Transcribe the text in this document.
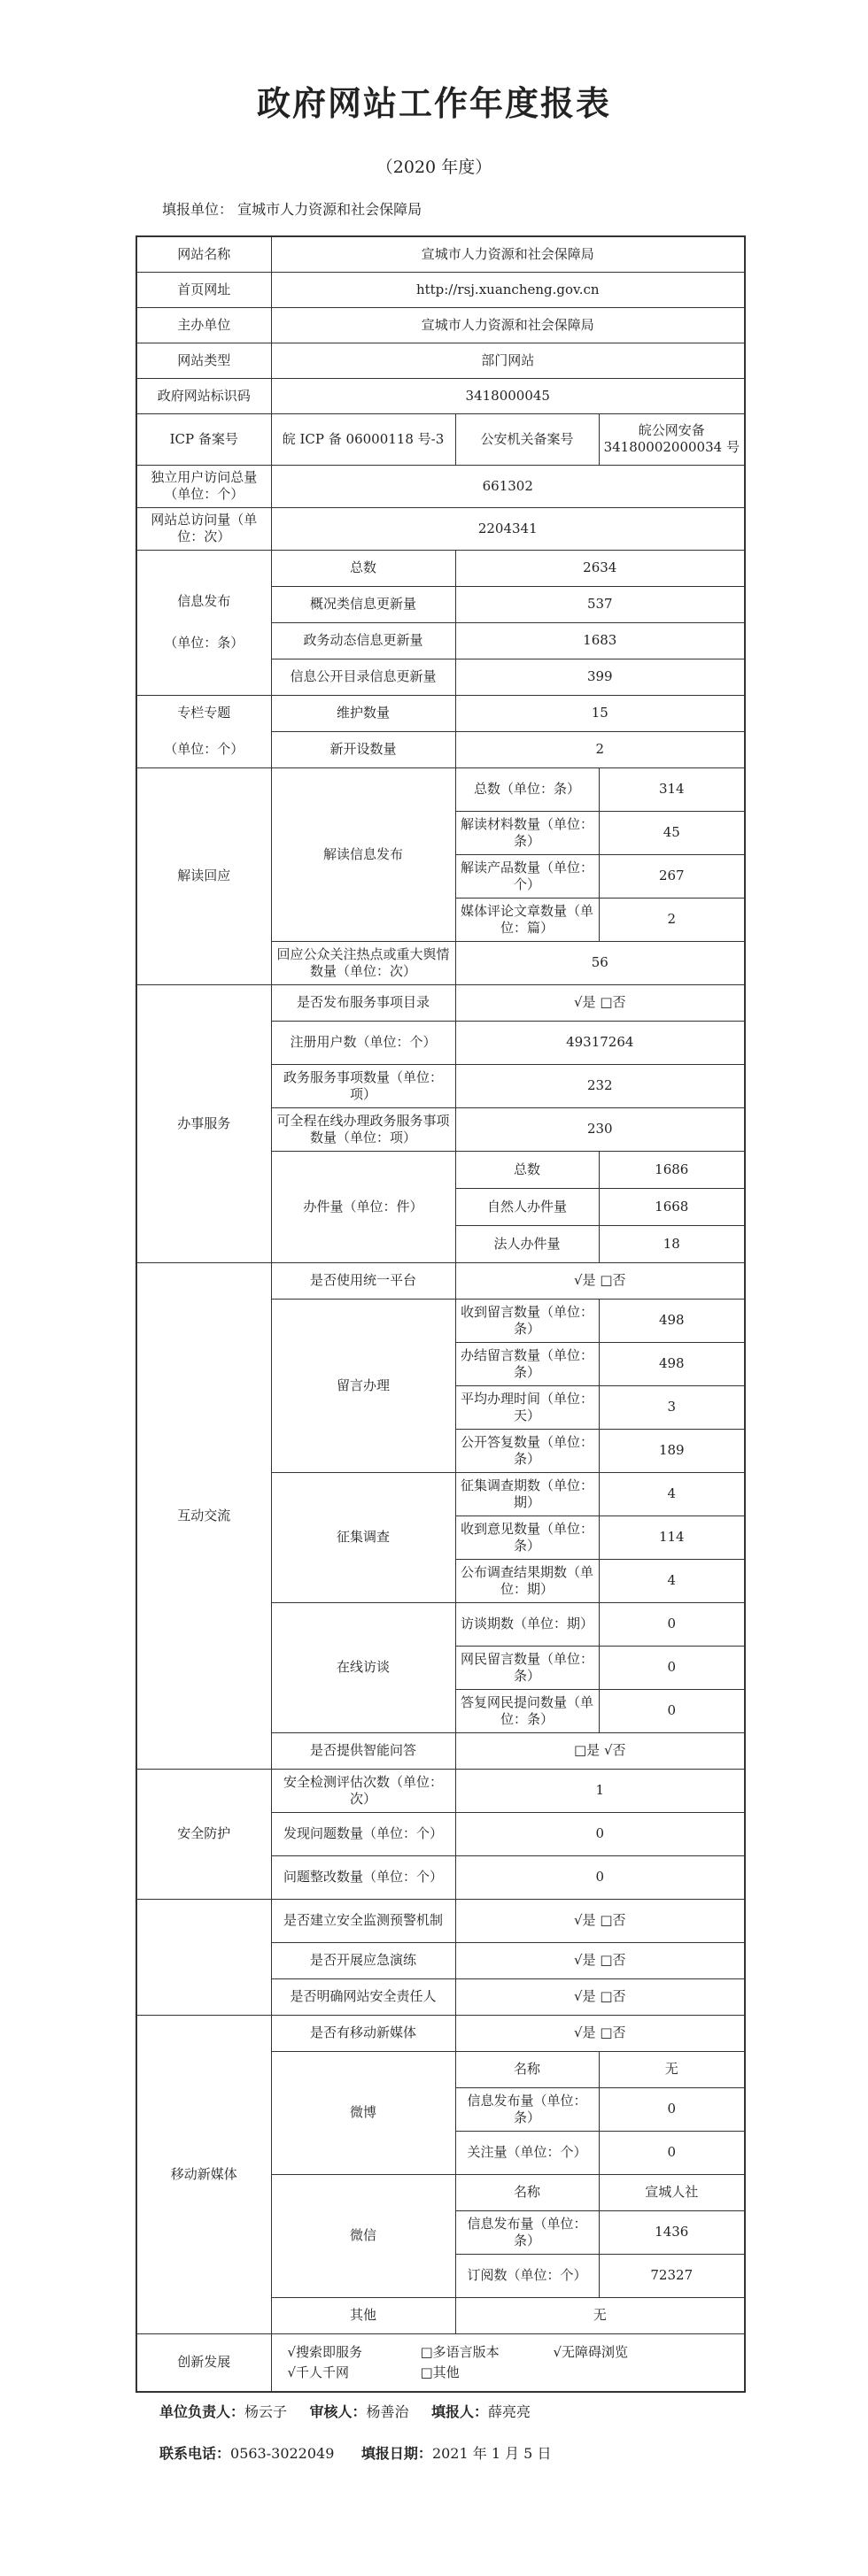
政府网站工作年度报表
（2020 年度）
填报单位： 宣城市人力资源和社会保障局
网站名称	宣城市人力资源和社会保障局		
首页网址	http://rsj.xuancheng.gov.cn		
主办单位	宣城市人力资源和社会保障局		
网站类型	部门网站		
政府网站标识码	3418000045		
ICP 备案号	皖 ICP 备 06000118 号-3	公安机关备案号	皖公网安备 34180002000034 号
独立用户访问总量（单位：个）	661302		
网站总访问量（单位：次）	2204341		

信息发布
（单位：条）	总数	2634	
	概况类信息更新量	537	
	政务动态信息更新量	1683	
	信息公开目录信息更新量	399	

专栏专题
（单位：个）	维护数量	15	
	新开设数量	2	
解读回应	解读信息发布	总数（单位：条）	314
		解读材料数量（单位：条）	45
		解读产品数量（单位：个）	267
		媒体评论文章数量（单位：篇）	2
	回应公众关注热点或重大舆情数量（单位：次）	56	
办事服务	是否发布服务事项目录	√是 □否	
	注册用户数（单位：个）	49317264	
	政务服务事项数量（单位：项）	232	
	可全程在线办理政务服务事项数量（单位：项）	230	
	办件量（单位：件）	总数	1686
		自然人办件量	1668
		法人办件量	18
互动交流	是否使用统一平台	√是 □否	
	留言办理	收到留言数量（单位：条）	498
		办结留言数量（单位：条）	498
		平均办理时间（单位：天）	3
		公开答复数量（单位：条）	189
	征集调查	征集调查期数（单位：期）	4
		收到意见数量（单位：条）	114
		公布调查结果期数（单位：期）	4
	在线访谈	访谈期数（单位：期）	0
		网民留言数量（单位：条）	0
		答复网民提问数量（单位：条）	0
	是否提供智能问答	□是 √否	
安全防护	安全检测评估次数（单位：次）	1	
	发现问题数量（单位：个）	0	
	问题整改数量（单位：个）	0	
	是否建立安全监测预警机制	√是 □否	
	是否开展应急演练	√是 □否	
	是否明确网站安全责任人	√是 □否	
移动新媒体	是否有移动新媒体	√是 □否	
	微博	名称	无
		信息发布量（单位：条）	0
		关注量（单位：个）	0
	微信	名称	宣城人社
		信息发布量（单位：条）	1436
		订阅数（单位：个）	72327
	其他	无	
创新发展	√搜索即服务 □多语言版本 √无障碍浏览
√千人千网 □其他		
单位负责人：杨云子 审核人：杨善治 填报人：薛亮亮
联系电话：0563-3022049 填报日期：2021 年 1 月 5 日
